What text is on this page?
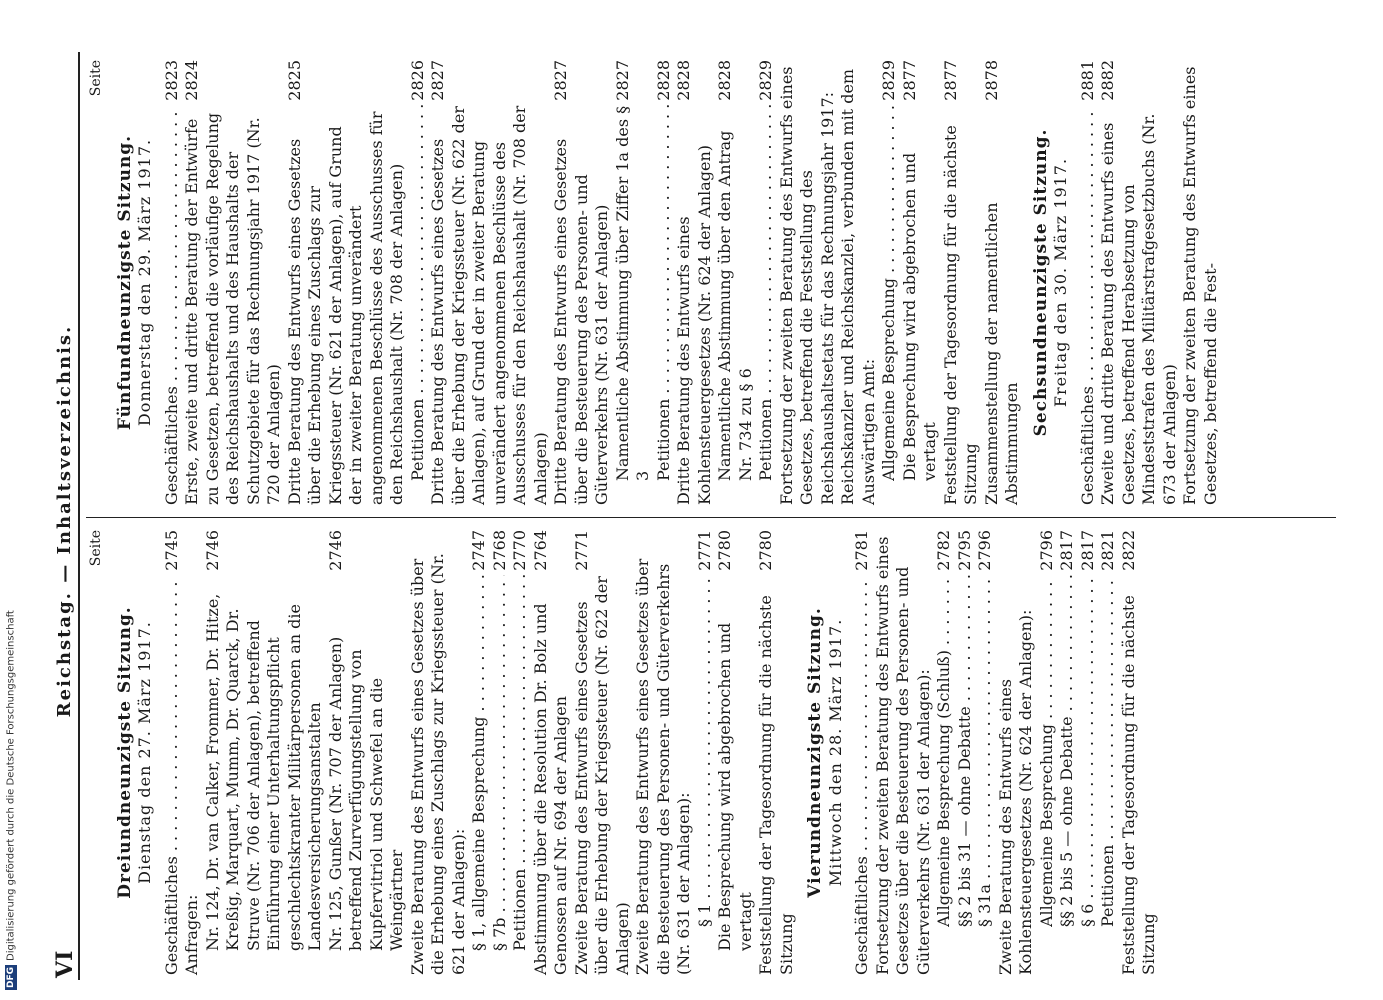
VI
Reichstag. — Inhaltsverzeichnis. Seite
Dreiundneunzigste Sitzung. Dienstag den 27. März 1917.
Geschäftliches . . .
2745
Anfragen: Nr. 124, Dr. van Calker, Frommer, Dr. Hitze, Kreßig, Marquart, Mumm, Dr. Quarck, Dr. Struve (Nr. 706 der Anlagen), betreffend Einführung einer Unterhaltungspflicht geschlechtskranter Militärpersonen an die Landesversicherungsanstalten
2746
Nr. 125, Gunßer (Nr. 707 der Anlagen) betreffend Zurverfügungstellung von Kupfervitriol und Schwefel an die Weingärtner
2746
Zweite Beratung des Entwurfs eines Gesetzes über die Erhebung eines Zuschlags zur Kriegssteuer (Nr. 621 der Anlagen): § 1, allgemeine Besprechung . . .
2747
§ 7b . . .
2768
Petitionen . . .
2770
Abstimmung über die Resolution Dr. Bolz und Genossen auf Nr. 694 der Anlagen
2764
Zweite Beratung des Entwurfs eines Gesetzes über die Erhebung der Kriegssteuer (Nr. 622 der Anlagen)
2771
Zweite Beratung des Entwurfs eines Gesetzes über die Besteuerung des Personen- und Güterverkehrs (Nr. 631 der Anlagen): § 1 . . .
2771
Die Besprechung wird abgebrochen und vertagt
2780
Feststellung der Tagesordnung für die nächste Sitzung
2780
Vierundneunzigste Sitzung. Mittwoch den 28. März 1917.
Geschäftliches . . .
2781 Fortsetzung der zweiten Beratung des Entwurfs eines Gesetzes über die Besteuerung des Personen- und Güterverkehrs (Nr. 631 der Anlagen): Allgemeine Besprechung (Schluß) . . .
2782
§§ 2 bis 31 — ohne Debatte . . .
2795
§ 31a . . .
2796
Zweite Beratung des Entwurfs eines Kohlensteuergesetzes (Nr. 624 der Anlagen): Allgemeine Besprechung . . .
2796
§§ 2 bis 5 — ohne Debatte . . .
2817
§ 6 . . .
2817
Petitionen . . .
2821
Feststellung der Tagesordnung für die nächste Sitzung
2822
Seite
Fünfundneunzigste Sitzung. Donnerstag den 29. März 1917.
Geschäftliches . . .
2823
Erste, zweite und dritte Beratung der Entwürfe zu Gesetzen, betreffend die vorläufige Regelung des Reichshaushalts und des Haushalts der Schutzgebiete für das Rechnungsjahr 1917 (Nr. 720 der Anlagen)
2824
Dritte Beratung des Entwurfs eines Gesetzes über die Erhebung eines Zuschlags zur Kriegssteuer (Nr. 621 der Anlagen), auf Grund der in zweiter Beratung unverändert angenommenen Beschlüsse des Ausschusses für den Reichshaushalt (Nr. 708 der Anlagen)
2825
Petitionen . . .
2826
Dritte Beratung des Entwurfs eines Gesetzes über die Erhebung der Kriegssteuer (Nr. 622 der Anlagen), auf Grund der in zweiter Beratung unverändert angenommenen Beschlüsse des Ausschusses für den Reichshaushalt (Nr. 708 der Anlagen)
2827
Dritte Beratung des Entwurfs eines Gesetzes über die Besteuerung des Personen- und Güterverkehrs (Nr. 631 der Anlagen)
2827
Namentliche Abstimmung über Ziffer 1a des § 3
2827
Petitionen . . .
2828
Dritte Beratung des Entwurfs eines Kohlensteuergesetzes (Nr. 624 der Anlagen)
2828
Namentliche Abstimmung über den Antrag Nr. 734 zu § 6
2828
Petitionen . . .
2829 Fortsetzung der zweiten Beratung des Entwurfs eines Gesetzes, betreffend die Feststellung des Reichshaushaltsetats für das Rechnungsjahr 1917: Reichskanzler und Reichskanzlei, verbunden mit dem Auswärtigen Amt: Allgemeine Besprechung . . .
2829
Die Besprechung wird abgebrochen und vertagt
2877
Feststellung der Tagesordnung für die nächste Sitzung
2877
Zusammenstellung der namentlichen Abstimmungen
2878
Sechsundneunzigste Sitzung. Freitag den 30. März 1917.
Geschäftliches . . .
2881
Zweite und dritte Beratung des Entwurfs eines Gesetzes, betreffend Herabsetzung von Mindeststrafen des Militärstrafgesetzbuchs (Nr. 673 der Anlagen)
2882	Fortsetzung der zweiten Beratung des Entwurfs eines Gesetzes, betreffend die Fest-
DFG
Digitalisierung gefördert durch die Deutsche Forschungsgemeinschaft
